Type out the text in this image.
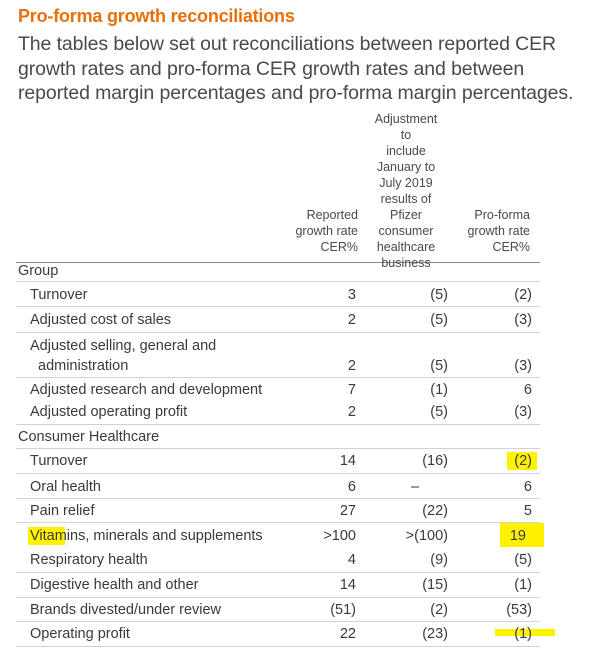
Pro-forma growth reconciliations
The tables below set out reconciliations between reported CER growth rates and pro-forma CER growth rates and between reported margin percentages and pro-forma margin percentages.
Reported
growth rate
CER%
Adjustment to
include
January to
July 2019
results of
Pfizer
consumer
healthcare
business
Pro-forma
growth rate
CER%
Group
Turnover	3	(5)	(2)
Adjusted cost of sales	2	(5)	(3)
Adjusted selling, general and
administration	2	(5)	(3)
Adjusted research and development	7	(1)	6
Adjusted operating profit	2	(5)	(3)
Consumer Healthcare
Turnover	14	(16)	(2)
Oral health	6	–	6
Pain relief	27	(22)	5
Vitamins, minerals and supplements	>100	>(100)	19
Respiratory health	4	(9)	(5)
Digestive health and other	14	(15)	(1)
Brands divested/under review	(51)	(2)	(53)
Operating profit	22	(23)	(1)
